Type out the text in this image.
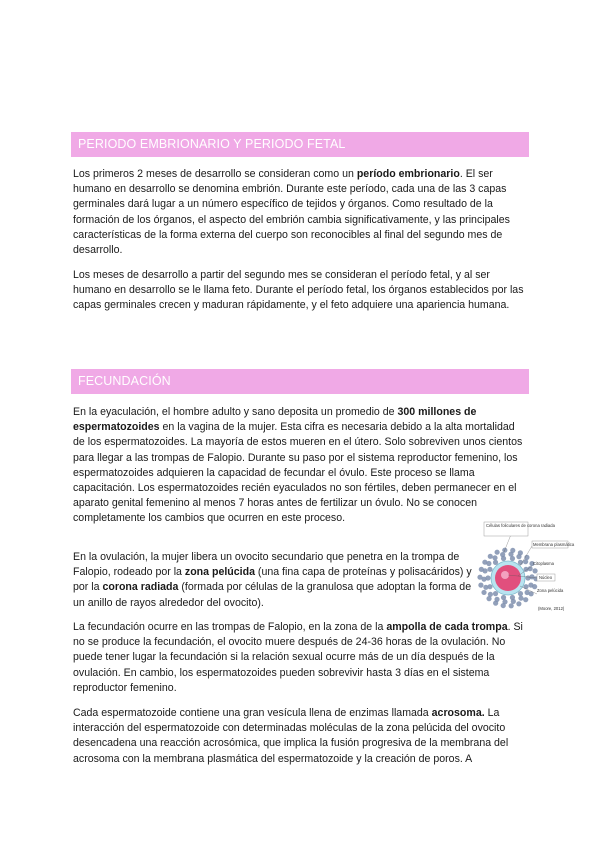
PERIODO EMBRIONARIO Y PERIODO FETAL

Los primeros 2 meses de desarrollo se consideran como un período embrionario. El ser humano en desarrollo se denomina embrión. Durante este período, cada una de las 3 capas germinales dará lugar a un número específico de tejidos y órganos. Como resultado de la formación de los órganos, el aspecto del embrión cambia significativamente, y las principales características de la forma externa del cuerpo son reconocibles al final del segundo mes de desarrollo.

Los meses de desarrollo a partir del segundo mes se consideran el período fetal, y al ser humano en desarrollo se le llama feto. Durante el período fetal, los órganos establecidos por las capas germinales crecen y maduran rápidamente, y el feto adquiere una apariencia humana.

FECUNDACIÓN

En la eyaculación, el hombre adulto y sano deposita un promedio de 300 millones de espermatozoides en la vagina de la mujer. Esta cifra es necesaria debido a la alta mortalidad de los espermatozoides. La mayoría de estos mueren en el útero. Solo sobreviven unos cientos para llegar a las trompas de Falopio. Durante su paso por el sistema reproductor femenino, los espermatozoides adquieren la capacidad de fecundar el óvulo. Este proceso se llama capacitación. Los espermatozoides recién eyaculados no son fértiles, deben permanecer en el aparato genital femenino al menos 7 horas antes de fertilizar un óvulo. No se conocen completamente los cambios que ocurren en este proceso.

En la ovulación, la mujer libera un ovocito secundario que penetra en la trompa de Falopio, rodeado por la zona pelúcida (una fina capa de proteínas y polisacáridos) y por la corona radiada (formada por células de la granulosa que adoptan la forma de un anillo de rayos alrededor del ovocito).

La fecundación ocurre en las trompas de Falopio, en la zona de la ampolla de cada trompa. Si no se produce la fecundación, el ovocito muere después de 24-36 horas de la ovulación. No puede tener lugar la fecundación si la relación sexual ocurre más de un día después de la ovulación. En cambio, los espermatozoides pueden sobrevivir hasta 3 días en el sistema reproductor femenino.

Cada espermatozoide contiene una gran vesícula llena de enzimas llamada acrosoma. La interacción del espermatozoide con determinadas moléculas de la zona pelúcida del ovocito desencadena una reacción acrosómica, que implica la fusión progresiva de la membrana del acrosoma con la membrana plasmática del espermatozoide y la creación de poros. A

Células foliculares de corona radiada
Membrana plasmática
Citoplasma
Núcleo
Zona pelúcida
(Moore, 2012)
